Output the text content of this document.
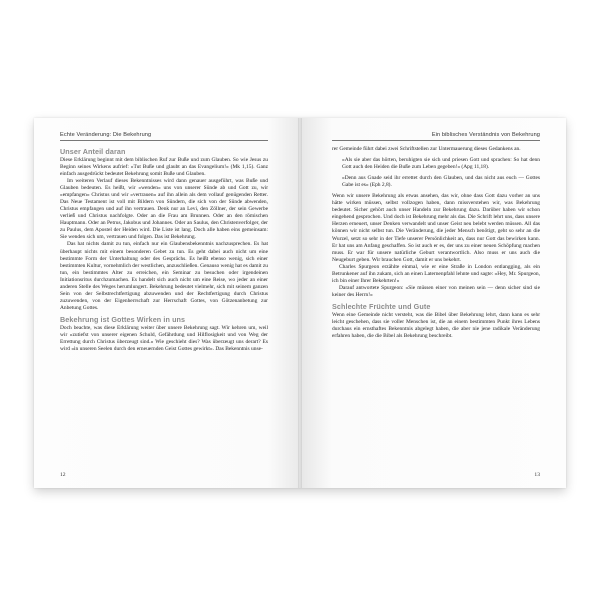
Echte Veränderung: Die Bekehrung
Unser Anteil daran

Diese Erklärung beginnt mit dem biblischen Ruf zur Buße und zum Glauben. So wie Jesus zu Beginn seines Wirkens aufrief: »Tut Buße und glaubt an das Evangelium!« (Mk 1,15). Ganz einfach ausgedrückt bedeutet Bekehrung somit Buße und Glauben.

Im weiteren Verlauf dieses Bekenntnisses wird dann genauer ausgeführt, was Buße und Glauben bedeuten. Es heißt, wir »wenden« uns von unserer Sünde ab und Gott zu, wir »empfangen« Christus und wir »vertrauen« auf ihn allein als dem vollauf genügenden Retter. Das Neue Testament ist voll mit Bildern von Sündern, die sich von der Sünde abwenden, Christus empfangen und auf ihn vertrauen. Denk nur an Levi, den Zöllner, der sein Gewerbe verließ und Christus nachfolgte. Oder an die Frau am Brunnen. Oder an den römischen Hauptmann. Oder an Petrus, Jakobus und Johannes. Oder an Saulus, den Christenverfolger, der zu Paulus, dem Apostel der Heiden wird. Die Liste ist lang. Doch alle haben eins gemeinsam: Sie wenden sich um, vertrauen und folgen. Das ist Bekehrung.

Das hat nichts damit zu tun, einfach nur ein Glaubensbekenntnis nachzusprechen. Es hat überhaupt nichts mit einem besonderen Gebet zu tun. Es geht dabei auch nicht um eine bestimmte Form der Unterhaltung oder des Gesprächs. Es heißt ebenso wenig, sich einer bestimmten Kultur, vornehmlich der westlichen, anzuschließen. Genauso wenig hat es damit zu tun, ein bestimmtes Alter zu erreichen, ein Seminar zu besuchen oder irgendeinen Initiationsritus durchzumachen. Es handelt sich auch nicht um eine Reise, wo jeder an einer anderen Stelle des Weges herumlungert. Bekehrung bedeutet vielmehr, sich mit seinem ganzen Sein von der Selbstrechtfertigung abzuwenden und der Rechtfertigung durch Christus zuzuwenden, von der Eigenherrschaft zur Herrschaft Gottes, von Götzenanbetung zur Anbetung Gottes.

Bekehrung ist Gottes Wirken in uns

Doch beachte, was diese Erklärung weiter über unsere Bekehrung sagt. Wir kehren um, weil wir »zutiefst von unserer eigenen Schuld, Gefährdung und Hilflosigkeit und von Weg der Errettung durch Christus überzeugt sind.« Wie geschieht dies? Was überzeugt uns derart? Es wird »in unseren Seelen durch den erneuernden Geist Gottes gewirkt«. Das Bekenntnis unse-

12
Ein biblisches Verständnis von Bekehrung

rer Gemeinde führt dabei zwei Schriftstellen zur Untermauerung dieses Gedankens an.

»Als sie aber das hörten, beruhigten sie sich und priesen Gott und sprachen: So hat denn Gott auch den Heiden die Buße zum Leben gegeben!« (Apg 11,18).

»Denn aus Gnade seid ihr errettet durch den Glauben, und das nicht aus euch — Gottes Gabe ist es« (Eph 2,8).

Wenn wir unsere Bekehrung als etwas ansehen, das wir, ohne dass Gott dazu vorher an uns hätte wirken müssen, selbst vollzogen haben, dann missverstehen wir, was Bekehrung bedeutet. Sicher gehört auch unser Handeln zur Bekehrung dazu. Darüber haben wir schon eingehend gesprochen. Und doch ist Bekehrung mehr als das. Die Schrift lehrt uns, dass unsere Herzen erneuert, unser Denken verwandelt und unser Geist neu belebt werden müssen. All das können wir nicht selbst tun. Die Veränderung, die jeder Mensch benötigt, geht so sehr an die Wurzel, setzt so sehr in der Tiefe unserer Persönlichkeit an, dass nur Gott das bewirken kann. Er hat uns am Anfang geschaffen. So ist auch er es, der uns zu einer neuen Schöpfung machen muss. Er war für unsere natürliche Geburt verantwortlich. Also muss er uns auch die Neugeburt geben. Wir brauchen Gott, damit er uns bekehrt.

Charles Spurgeon erzählte einmal, wie er eine Straße in London entlangging, als ein Betrunkener auf ihn zukam, sich an einen Laternenpfahl lehnte und sagte: »Hey, Mr. Spurgeon, ich bin einer Ihrer Bekehrten!«

Darauf antwortete Spurgeon: »Sie müssen einer von meinen sein — denn sicher sind sie keiner des Herrn!«

Schlechte Früchte und Gute

Wenn eine Gemeinde nicht versteht, was die Bibel über Bekehrung lehrt, dann kann es sehr leicht geschehen, dass sie voller Menschen ist, die an einem bestimmten Punkt ihres Lebens durchaus ein ernsthaftes Bekenntnis abgelegt haben, die aber nie jene radikale Veränderung erfahren haben, die die Bibel als Bekehrung beschreibt.

13
